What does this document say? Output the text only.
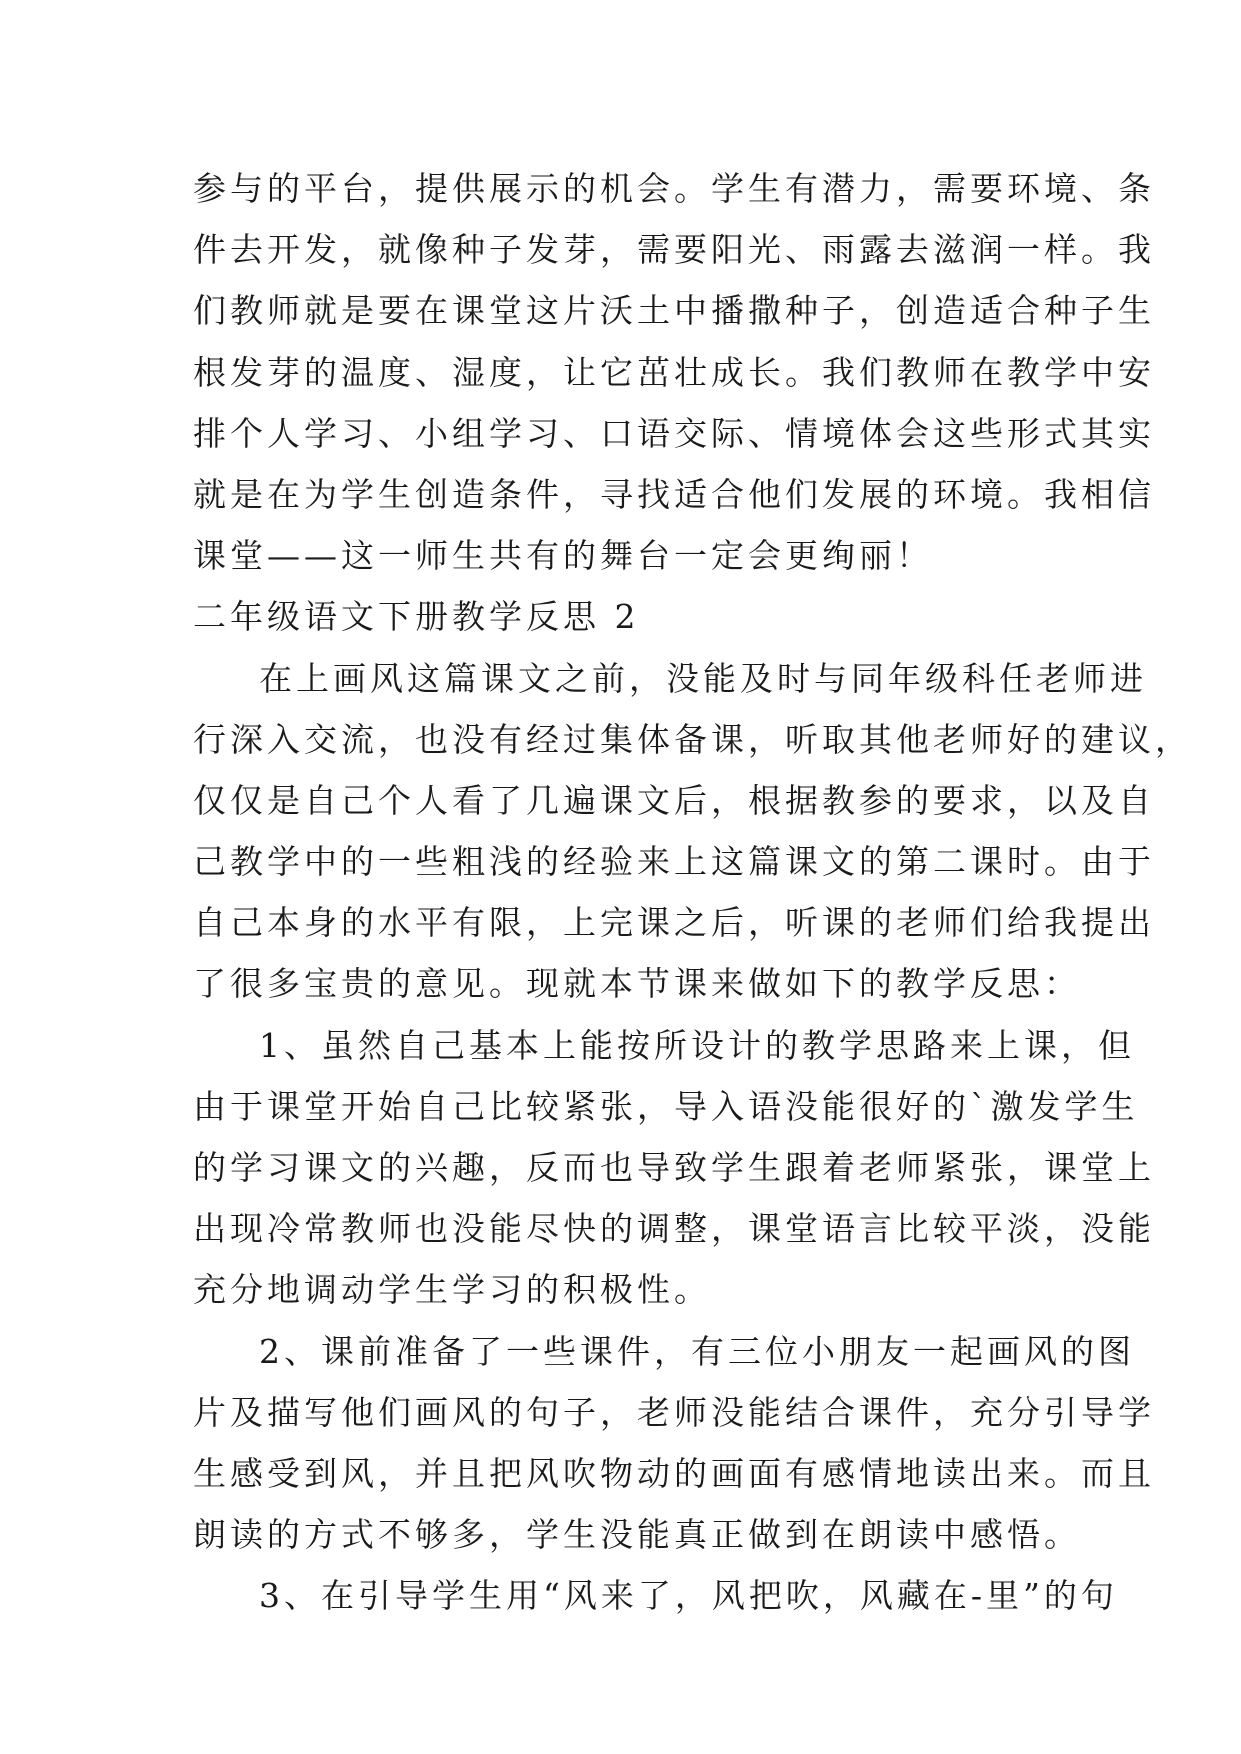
参与的平台，提供展示的机会。学生有潜力，需要环境、条
件去开发，就像种子发芽，需要阳光、雨露去滋润一样。我
们教师就是要在课堂这片沃土中播撒种子，创造适合种子生
根发芽的温度、湿度，让它茁壮成长。我们教师在教学中安
排个人学习、小组学习、口语交际、情境体会这些形式其实
就是在为学生创造条件，寻找适合他们发展的环境。我相信
课堂——这一师生共有的舞台一定会更绚丽！
二年级语文下册教学反思 2
在上画风这篇课文之前，没能及时与同年级科任老师进
行深入交流，也没有经过集体备课，听取其他老师好的建议，
仅仅是自己个人看了几遍课文后，根据教参的要求，以及自
己教学中的一些粗浅的经验来上这篇课文的第二课时。由于
自己本身的水平有限，上完课之后，听课的老师们给我提出
了很多宝贵的意见。现就本节课来做如下的教学反思：
1、虽然自己基本上能按所设计的教学思路来上课，但
由于课堂开始自己比较紧张，导入语没能很好的`激发学生
的学习课文的兴趣，反而也导致学生跟着老师紧张，课堂上
出现冷常教师也没能尽快的调整，课堂语言比较平淡，没能
充分地调动学生学习的积极性。
2、课前准备了一些课件，有三位小朋友一起画风的图
片及描写他们画风的句子，老师没能结合课件，充分引导学
生感受到风，并且把风吹物动的画面有感情地读出来。而且
朗读的方式不够多，学生没能真正做到在朗读中感悟。
3、在引导学生用“风来了，风把吹，风藏在-里”的句
